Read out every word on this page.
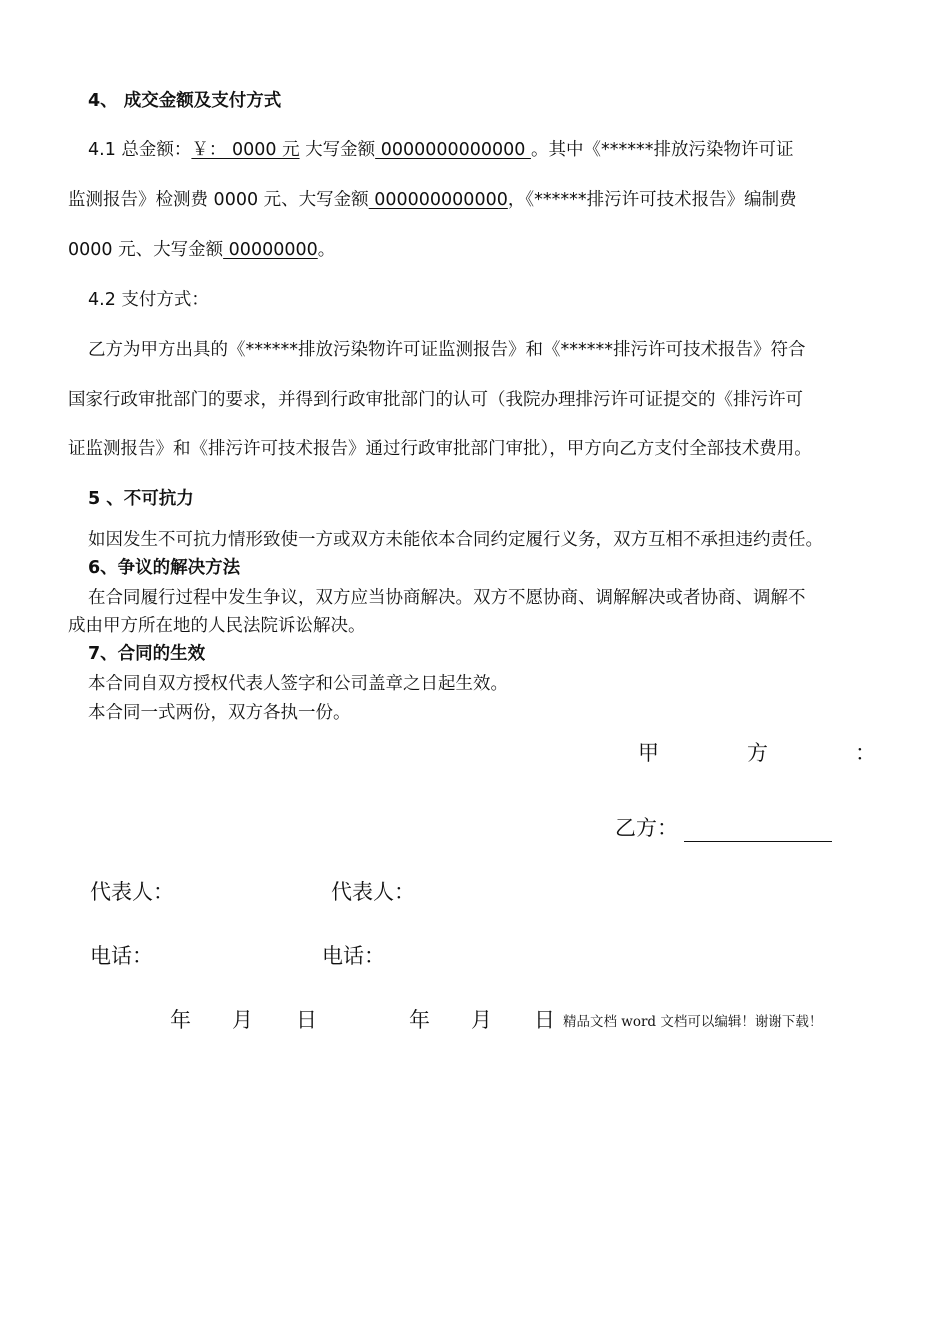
4、 成交金额及支付方式
4.1 总金额：￥： 0000 元 大写金额 0000000000000 。其中《******排放污染物许可证
监测报告》检测费 0000 元、大写金额 000000000000，《******排污许可技术报告》编制费
0000 元、大写金额 00000000。
4.2 支付方式：
乙方为甲方出具的《******排放污染物许可证监测报告》和《******排污许可技术报告》符合
国家行政审批部门的要求，并得到行政审批部门的认可（我院办理排污许可证提交的《排污许可
证监测报告》和《排污许可技术报告》通过行政审批部门审批），甲方向乙方支付全部技术费用。
5 、不可抗力
如因发生不可抗力情形致使一方或双方未能依本合同约定履行义务，双方互相不承担违约责任。
6、争议的解决方法
在合同履行过程中发生争议，双方应当协商解决。双方不愿协商、调解解决或者协商、调解不
成由甲方所在地的人民法院诉讼解决。
7、合同的生效
本合同自双方授权代表人签字和公司盖章之日起生效。
本合同一式两份，双方各执一份。
甲	方	：
乙方：
代表人：	代表人：
电话：	电话：
年 月 日	年 月 日 精品文档 word 文档可以编辑！谢谢下载！
